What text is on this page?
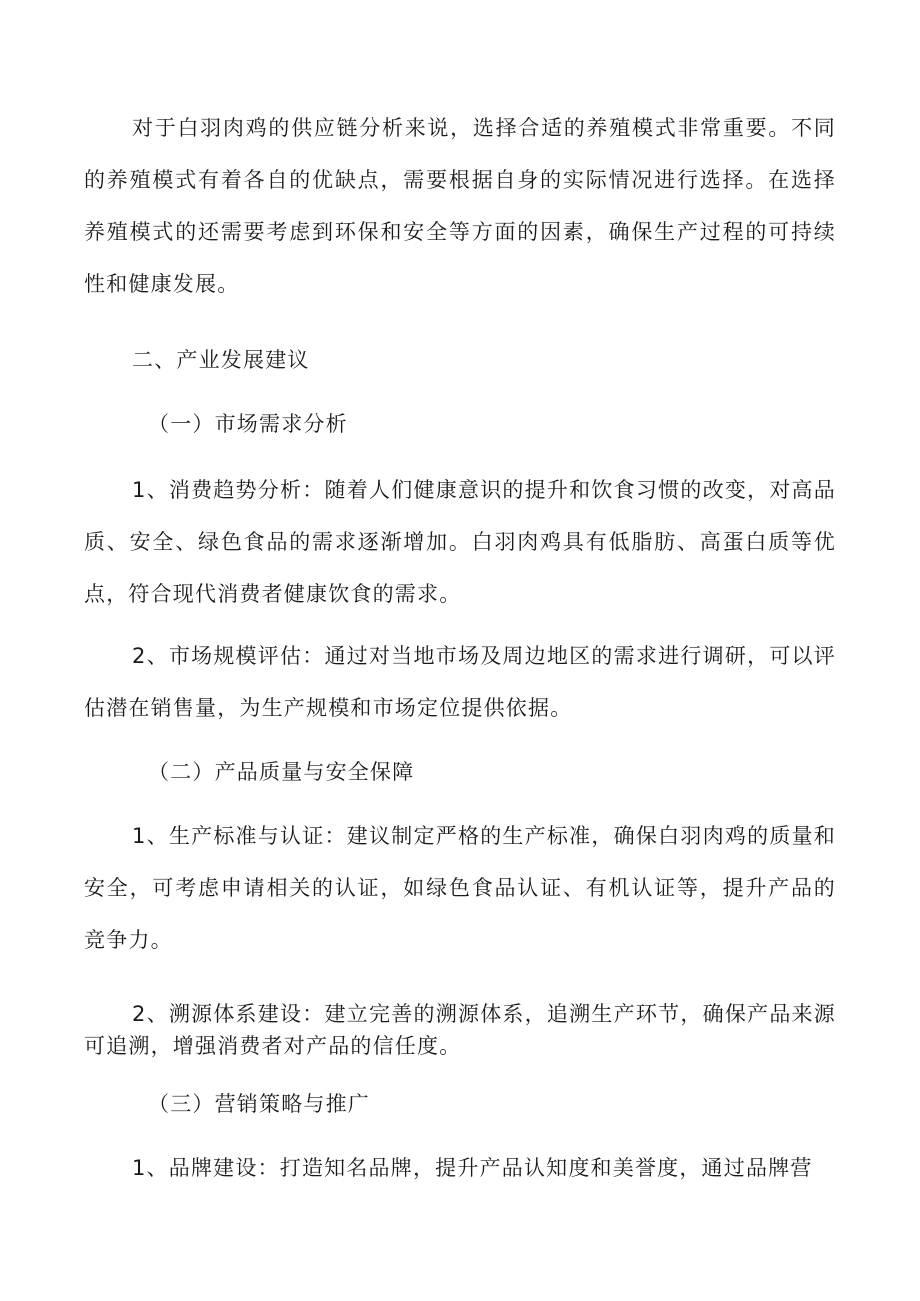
对于白羽肉鸡的供应链分析来说，选择合适的养殖模式非常重要。不同的养殖模式有着各自的优缺点，需要根据自身的实际情况进行选择。在选择养殖模式的还需要考虑到环保和安全等方面的因素，确保生产过程的可持续性和健康发展。

二、产业发展建议

（一）市场需求分析

1、消费趋势分析：随着人们健康意识的提升和饮食习惯的改变，对高品质、安全、绿色食品的需求逐渐增加。白羽肉鸡具有低脂肪、高蛋白质等优点，符合现代消费者健康饮食的需求。

2、市场规模评估：通过对当地市场及周边地区的需求进行调研，可以评估潜在销售量，为生产规模和市场定位提供依据。

（二）产品质量与安全保障

1、生产标准与认证：建议制定严格的生产标准，确保白羽肉鸡的质量和安全，可考虑申请相关的认证，如绿色食品认证、有机认证等，提升产品的竞争力。

2、溯源体系建设：建立完善的溯源体系，追溯生产环节，确保产品来源可追溯，增强消费者对产品的信任度。

（三）营销策略与推广

1、品牌建设：打造知名品牌，提升产品认知度和美誉度，通过品牌营
